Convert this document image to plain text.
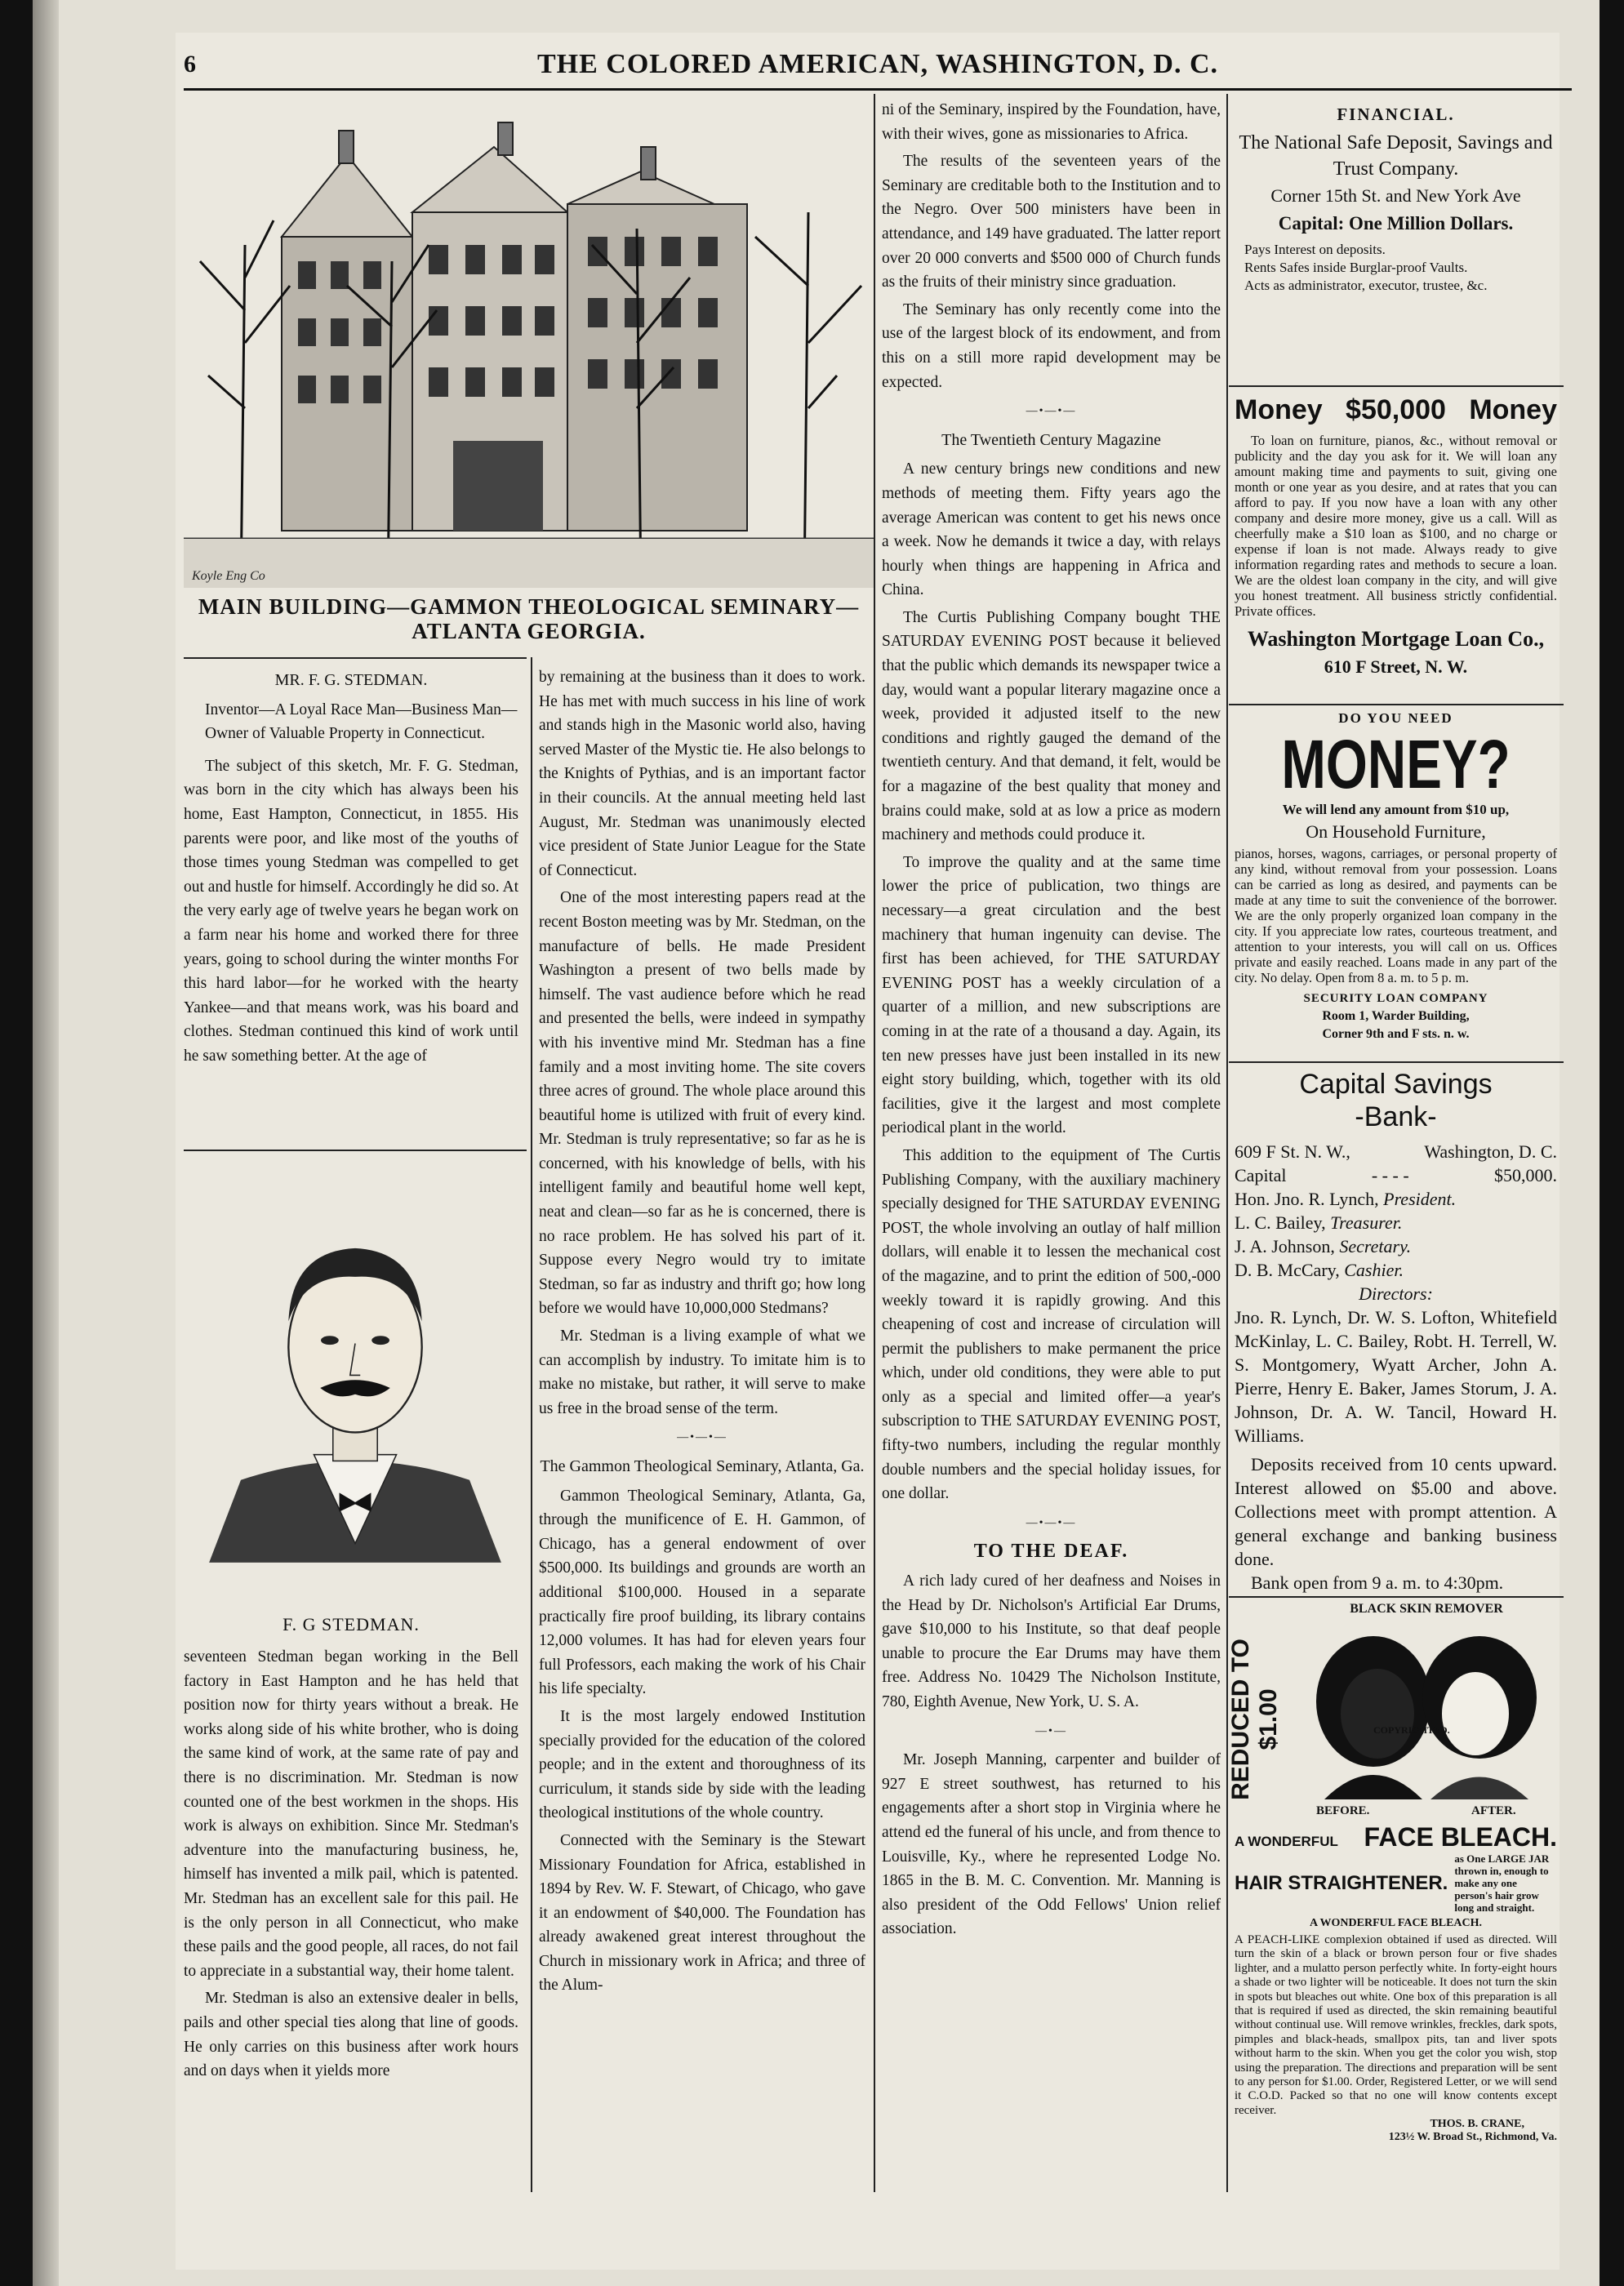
6	THE COLORED AMERICAN, WASHINGTON, D. C.
Koyle Eng Co
MAIN BUILDING—GAMMON THEOLOGICAL SEMINARY— ATLANTA GEORGIA.
MR. F. G. STEDMAN.

Inventor—A Loyal Race Man—Business Man—Owner of Valuable Property in Connecticut.

The subject of this sketch, Mr. F. G. Stedman, was born in the city which has always been his home, East Hampton, Connecticut, in 1855. His parents were poor, and like most of the youths of those times young Stedman was compelled to get out and hustle for himself. Accordingly he did so. At the very early age of twelve years he began work on a farm near his home and worked there for three years, going to school during the winter months For this hard labor—for he worked with the hearty Yankee—and that means work, was his board and clothes. Stedman continued this kind of work until he saw something better. At the age of

F. G STEDMAN.

seventeen Stedman began working in the Bell factory in East Hampton and he has held that position now for thirty years without a break. He works along side of his white brother, who is doing the same kind of work, at the same rate of pay and there is no discrimination. Mr. Stedman is now counted one of the best workmen in the shops. His work is always on exhibition. Since Mr. Stedman's adventure into the manufacturing business, he, himself has invented a milk pail, which is patented. Mr. Stedman has an excellent sale for this pail. He is the only person in all Connecticut, who make these pails and the good people, all races, do not fail to appreciate in a substantial way, their home talent.

Mr. Stedman is also an extensive dealer in bells, pails and other special ties along that line of goods. He only carries on this business after work hours and on days when it yields more

ni of the Seminary, inspired by the Foundation, have, with their wives, gone as missionaries to Africa.

The results of the seventeen years of the Seminary are creditable both to the Institution and to the Negro. Over 500 ministers have been in attendance, and 149 have graduated. The latter report over 20 000 converts and $500 000 of Church funds as the fruits of their ministry since graduation.

The Seminary has only recently come into the use of the largest block of its endowment, and from this on a still more rapid development may be expected.

—•—•—
The Twentieth Century Magazine

A new century brings new conditions and new methods of meeting them. Fifty years ago the average American was content to get his news once a week. Now he demands it twice a day, with relays hourly when things are happening in Africa and China.

The Curtis Publishing Company bought THE SATURDAY EVENING POST because it believed that the public which demands its newspaper twice a day, would want a popular literary magazine once a week, provided it adjusted itself to the new conditions and rightly gauged the demand of the twentieth century. And that demand, it felt, would be for a magazine of the best quality that money and brains could make, sold at as low a price as modern machinery and methods could produce it.

To improve the quality and at the same time lower the price of publication, two things are necessary—a great circulation and the best machinery that human ingenuity can devise. The first has been achieved, for THE SATURDAY EVENING POST has a weekly circulation of a quarter of a million, and new subscriptions are coming in at the rate of a thousand a day. Again, its ten new presses have just been installed in its new eight story building, which, together with its old facilities, give it the largest and most complete periodical plant in the world.

This addition to the equipment of The Curtis Publishing Company, with the auxiliary machinery specially designed for THE SATURDAY EVENING POST, the whole involving an outlay of half million dollars, will enable it to lessen the mechanical cost of the magazine, and to print the edition of 500,-000 weekly toward it is rapidly growing. And this cheapening of cost and increase of circulation will permit the publishers to make permanent the price which, under old conditions, they were able to put only as a special and limited offer—a year's subscription to THE SATURDAY EVENING POST, fifty-two numbers, including the regular monthly double numbers and the special holiday issues, for one dollar.

—•—•—
TO THE DEAF.

A rich lady cured of her deafness and Noises in the Head by Dr. Nicholson's Artificial Ear Drums, gave $10,000 to his Institute, so that deaf people unable to procure the Ear Drums may have them free. Address No. 10429 The Nicholson Institute, 780, Eighth Avenue, New York, U. S. A.

—•—

Mr. Joseph Manning, carpenter and builder of 927 E street southwest, has returned to his engagements after a short stop in Virginia where he attend ed the funeral of his uncle, and from thence to Louisville, Ky., where he represented Lodge No. 1865 in the B. M. C. Convention. Mr. Manning is also president of the Odd Fellows' Union relief association.

FINANCIAL.
The National Safe Deposit, Savings and Trust Company.
Corner 15th St. and New York Ave
Capital: One Million Dollars.
Pays Interest on deposits.
Rents Safes inside Burglar-proof Vaults.
Acts as administrator, executor, trustee, &c.
Money $50,000 Money
To loan on furniture, pianos, &c., without removal or publicity and the day you ask for it. We will loan any amount making time and payments to suit, giving one month or one year as you desire, and at rates that you can afford to pay. If you now have a loan with any other company and desire more money, give us a call. Will as cheerfully make a $10 loan as $100, and no charge or expense if loan is not made. Always ready to give information regarding rates and methods to secure a loan. We are the oldest loan company in the city, and will give you honest treatment. All business strictly confidential. Private offices.
Washington Mortgage Loan Co.,
610 F Street, N. W.
DO YOU NEED
MONEY?
We will lend any amount from $10 up,
On Household Furniture,
pianos, horses, wagons, carriages, or personal property of any kind, without removal from your possession. Loans can be carried as long as desired, and payments can be made at any time to suit the convenience of the borrower. We are the only properly organized loan company in the city. If you appreciate low rates, courteous treatment, and attention to your interests, you will call on us. Offices private and easily reached. Loans made in any part of the city. No delay. Open from 8 a. m. to 5 p. m.
SECURITY LOAN COMPANY
Room 1, Warder Building,
Corner 9th and F sts. n. w.
Capital Savings
-Bank-
609 F St. N. W.,	Washington, D. C.
Capital	- - - -	$50,000.
Hon. Jno. R. Lynch, President.
L. C. Bailey, Treasurer.
J. A. Johnson, Secretary.
D. B. McCary, Cashier.
Directors:
Jno. R. Lynch, Dr. W. S. Lofton, Whitefield McKinlay, L. C. Bailey, Robt. H. Terrell, W. S. Montgomery, Wyatt Archer, John A. Pierre, Henry E. Baker, James Storum, J. A. Johnson, Dr. A. W. Tancil, Howard H. Williams.
Deposits received from 10 cents upward. Interest allowed on $5.00 and above. Collections meet with prompt attention. A general exchange and banking business done.
Bank open from 9 a. m. to 4:30pm.
REDUCED TO $1.00
BLACK SKIN REMOVER
COPYRIGHTED.
BEFORE.	AFTER.
A WONDERFUL FACE BLEACH.
HAIR STRAIGHTENER.
as One LARGE JAR thrown in, enough to make any one person's hair grow long and straight.
A WONDERFUL FACE BLEACH.
A PEACH-LIKE complexion obtained if used as directed. Will turn the skin of a black or brown person four or five shades lighter, and a mulatto person perfectly white. In forty-eight hours a shade or two lighter will be noticeable. It does not turn the skin in spots but bleaches out white. One box of this preparation is all that is required if used as directed, the skin remaining beautiful without continual use. Will remove wrinkles, freckles, dark spots, pimples and black-heads, smallpox pits, tan and liver spots without harm to the skin. When you get the color you wish, stop using the preparation. The directions and preparation will be sent to any person for $1.00. Order, Registered Letter, or we will send it C.O.D. Packed so that no one will know contents except receiver.
THOS. B. CRANE,
123½ W. Broad St., Richmond, Va.

by remaining at the business than it does to work. He has met with much success in his line of work and stands high in the Masonic world also, having served Master of the Mystic tie. He also belongs to the Knights of Pythias, and is an important factor in their councils. At the annual meeting held last August, Mr. Stedman was unanimously elected vice president of State Junior League for the State of Connecticut.

One of the most interesting papers read at the recent Boston meeting was by Mr. Stedman, on the manufacture of bells. He made President Washington a present of two bells made by himself. The vast audience before which he read and presented the bells, were indeed in sympathy with his inventive mind Mr. Stedman has a fine family and a most inviting home. The site covers three acres of ground. The whole place around this beautiful home is utilized with fruit of every kind. Mr. Stedman is truly representative; so far as he is concerned, with his knowledge of bells, with his intelligent family and beautiful home well kept, neat and clean—so far as he is concerned, there is no race problem. He has solved his part of it. Suppose every Negro would try to imitate Stedman, so far as industry and thrift go; how long before we would have 10,000,000 Stedmans?

Mr. Stedman is a living example of what we can accomplish by industry. To imitate him is to make no mistake, but rather, it will serve to make us free in the broad sense of the term.

—•—•—
The Gammon Theological Seminary, Atlanta, Ga.

Gammon Theological Seminary, Atlanta, Ga, through the munificence of E. H. Gammon, of Chicago, has a general endowment of over $500,000. Its buildings and grounds are worth an additional $100,000. Housed in a separate practically fire proof building, its library contains 12,000 volumes. It has had for eleven years four full Professors, each making the work of his Chair his life specialty.

It is the most largely endowed Institution specially provided for the education of the colored people; and in the extent and thoroughness of its curriculum, it stands side by side with the leading theological institutions of the whole country.

Connected with the Seminary is the Stewart Missionary Foundation for Africa, established in 1894 by Rev. W. F. Stewart, of Chicago, who gave it an endowment of $40,000. The Foundation has already awakened great interest throughout the Church in missionary work in Africa; and three of the Alum-
